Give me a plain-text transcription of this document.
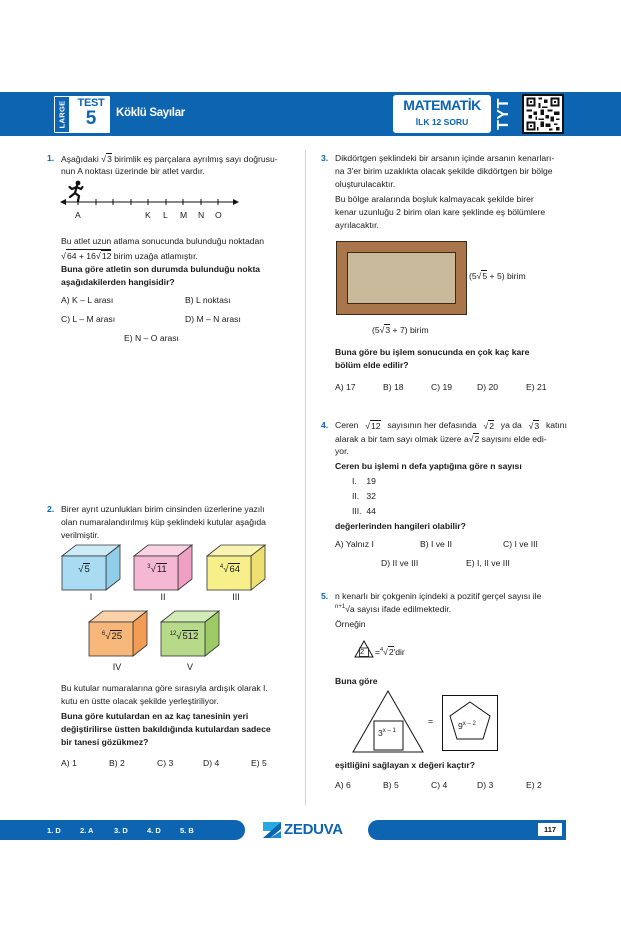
LARGE	TEST
5	Köklü Sayılar	MATEMATİK
İLK 12 SORU	TYT
1. Aşağıdaki √3 birimlik eş parçalara ayrılmış sayı doğrusu-
nun A noktası üzerinde bir atlet vardır.
A	K L M N O
Bu atlet uzun atlama sonucunda bulunduğu noktadan
√64 + 16√12 birim uzağa atlamıştır.
Buna göre atletin son durumda bulunduğu nokta
aşağıdakilerden hangisidir?
A) K – L arası	B) L noktası
C) L – M arası	D) M – N arası
E) N – O arası
2. Birer ayrıt uzunlukları birim cinsinden üzerlerine yazılı
olan numaralandırılmış küp şeklindeki kutular aşağıda
verilmiştir.
√5
I
$^3$√11
II
$^4$√64
III
$^6$√25
IV
$^{12}$√512
V
Bu kutular numaralarına göre sırasıyla ardışık olarak I.
kutu en üstte olacak şekilde yerleştiriliyor.
Buna göre kutulardan en az kaç tanesinin yeri
değiştirilirse üstten bakıldığında kutulardan sadece
bir tanesi gözükmez?
A) 1	B) 2	C) 3	D) 4	E) 5
3. Dikdörtgen şeklindeki bir arsanın içinde arsanın kenarları-
na 3'er birim uzaklıkta olacak şekilde dikdörtgen bir bölge
oluşturulacaktır.
Bu bölge aralarında boşluk kalmayacak şekilde birer
kenar uzunluğu 2 birim olan kare şeklinde eş bölümlere
ayrılacaktır.
(5√5 + 5) birim
(5√3 + 7) birim
Buna göre bu işlem sonucunda en çok kaç kare
bölüm elde edilir?
A) 17	B) 18	C) 19	D) 20	E) 21
4. Ceren √12 sayısının her defasında √2 ya da √3 katını
alarak a bir tam sayı olmak üzere a√2 sayısını elde edi-
yor.
Ceren bu işlemi n defa yaptığına göre n sayısı
I.    19
II.   32
III.  44
değerlerinden hangileri olabilir?
A) Yalnız I	B) I ve II	C) I ve III
D) II ve III	E) I, II ve III
5. n kenarlı bir çokgenin içindeki a pozitif gerçel sayısı ile
$^{n+1}$√a sayısı ifade edilmektedir.
Örneğin
2 =$^4$√2'dir
Buna göre
$3^{x - 1}$
=	$9^{x - 2}$
eşitliğini sağlayan x değeri kaçtır?
A) 6	B) 5	C) 4	D) 3	E) 2
1. D	2. A	3. D	4. D	5. B	ZEDUVA	117
